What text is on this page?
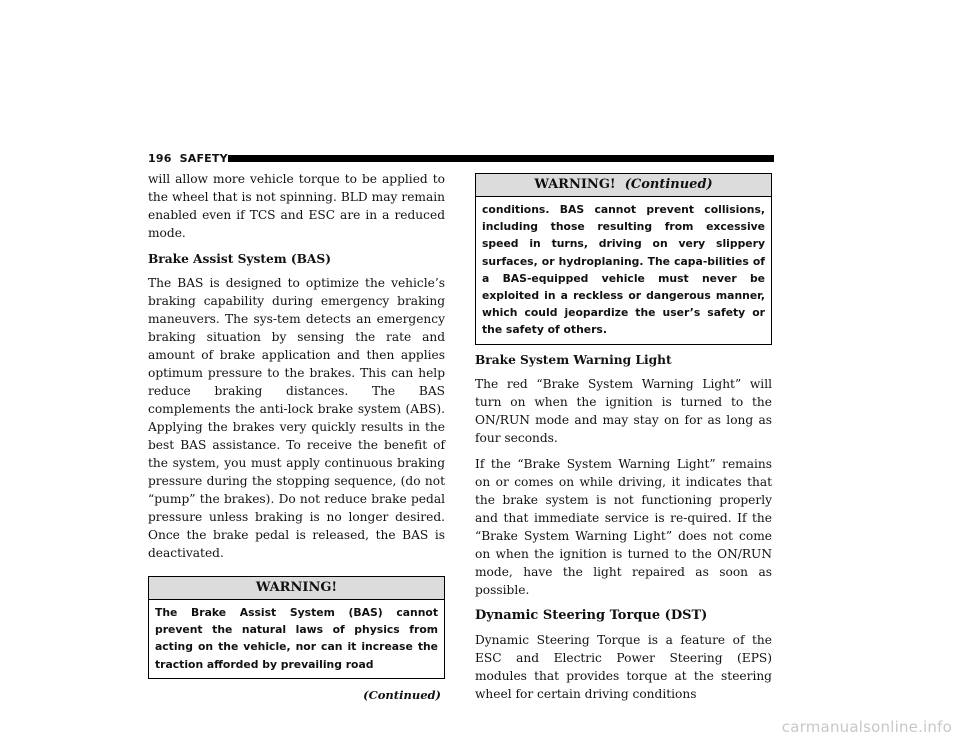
196 SAFETY

will allow more vehicle torque to be applied to the wheel that is not spinning. BLD may remain enabled even if TCS and ESC are in a reduced mode.

Brake Assist System (BAS)

The BAS is designed to optimize the vehicle’s braking capability during emergency braking maneuvers. The sys-tem detects an emergency braking situation by sensing the rate and amount of brake application and then applies optimum pressure to the brakes. This can help reduce braking distances. The BAS complements the anti-lock brake system (ABS). Applying the brakes very quickly results in the best BAS assistance. To receive the benefit of the system, you must apply continuous braking pressure during the stopping sequence, (do not “pump” the brakes). Do not reduce brake pedal pressure unless braking is no longer desired. Once the brake pedal is released, the BAS is deactivated.

WARNING!
The Brake Assist System (BAS) cannot prevent the natural laws of physics from acting on the vehicle, nor can it increase the traction afforded by prevailing road
(Continued)
WARNING! (Continued)
conditions. BAS cannot prevent collisions, including those resulting from excessive speed in turns, driving on very slippery surfaces, or hydroplaning. The capa-bilities of a BAS-equipped vehicle must never be exploited in a reckless or dangerous manner, which could jeopardize the user’s safety or the safety of others.
Brake System Warning Light

The red “Brake System Warning Light” will turn on when the ignition is turned to the ON/RUN mode and may stay on for as long as four seconds.

If the “Brake System Warning Light” remains on or comes on while driving, it indicates that the brake system is not functioning properly and that immediate service is re-quired. If the “Brake System Warning Light” does not come on when the ignition is turned to the ON/RUN mode, have the light repaired as soon as possible.

Dynamic Steering Torque (DST)

Dynamic Steering Torque is a feature of the ESC and Electric Power Steering (EPS) modules that provides torque at the steering wheel for certain driving conditions

carmanualsonline.info
